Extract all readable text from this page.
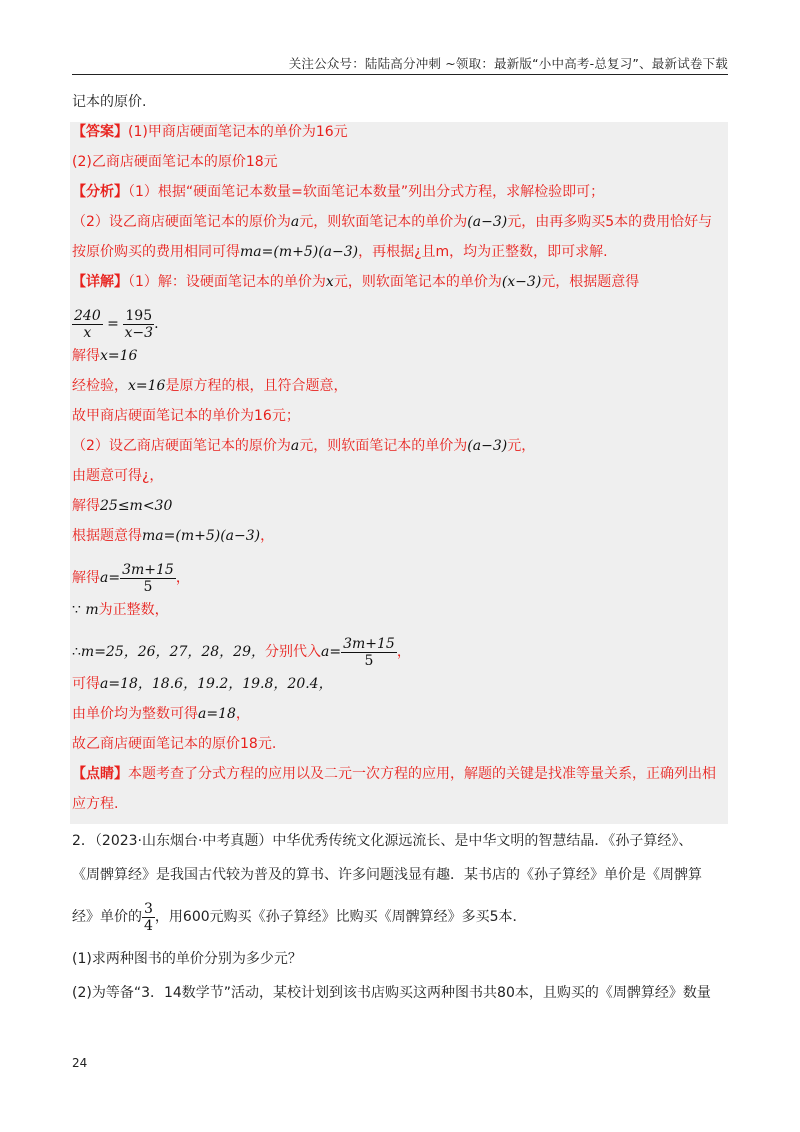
关注公众号：陆陆高分冲刺 ~领取：最新版“小中高考-总复习”、最新试卷下载
记本的原价.
【答案】(1)甲商店硬面笔记本的单价为16元
(2)乙商店硬面笔记本的原价18元
【分析】（1）根据“硬面笔记本数量=软面笔记本数量”列出分式方程，求解检验即可；
（2）设乙商店硬面笔记本的原价为a元，则软面笔记本的单价为(a−3)元，由再多购买5本的费用恰好与
按原价购买的费用相同可得ma=(m+5)(a−3)，再根据¿且m，均为正整数，即可求解.
【详解】（1）解：设硬面笔记本的单价为x元，则软面笔记本的单价为(x−3)元，根据题意得
$\frac{240}{x} = \frac{195}{x-3}$ .
解得x=16
经检验，x=16是原方程的根，且符合题意，
故甲商店硬面笔记本的单价为16元；
（2）设乙商店硬面笔记本的原价为a元，则软面笔记本的单价为(a−3)元，
由题意可得¿，
解得25≤m<30
根据题意得ma=(m+5)(a−3)，
解得$a= \frac{3m+15}{5}$ ，
∵ m为正整数，
∴m=25，26，27，28，29，分别代入$a= \frac{3m+15}{5}$ ，
可得a=18，18.6，19.2，19.8，20.4，
由单价均为整数可得a=18，
故乙商店硬面笔记本的原价18元.
【点睛】本题考查了分式方程的应用以及二元一次方程的应用，解题的关键是找准等量关系，正确列出相
应方程.
2．（2023·山东烟台·中考真题）中华优秀传统文化源远流长、是中华文明的智慧结晶．《孙子算经》、
《周髀算经》是我国古代较为普及的算书、许多问题浅显有趣．某书店的《孙子算经》单价是《周髀算
经》单价的 $\frac{3}{4}$ ，用600元购买《孙子算经》比购买《周髀算经》多买5本．
(1)求两种图书的单价分别为多少元？
(2)为等备“3．14数学节”活动，某校计划到该书店购买这两种图书共80本，且购买的《周髀算经》数量
24
